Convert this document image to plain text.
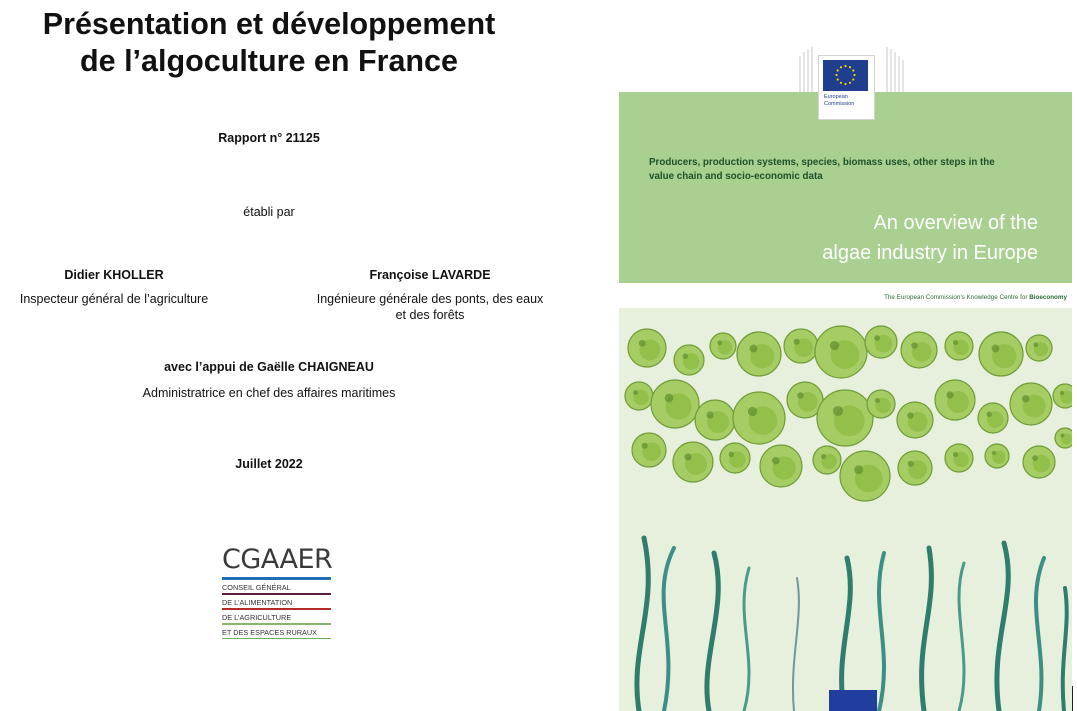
Présentation et développement
de l’algoculture en France
Rapport n° 21125
établi par
Didier KHOLLER
Inspecteur général de l’agriculture
Françoise LAVARDE
Ingénieure générale des ponts, des eaux
et des forêts
avec l’appui de Gaëlle CHAIGNEAU
Administratrice en chef des affaires maritimes
Juillet 2022
CGAAER
CONSEIL GÉNÉRAL
DE L’ALIMENTATION
DE L’AGRICULTURE
ET DES ESPACES RURAUX
European
Commission
Producers, production systems, species, biomass uses, other steps in the
value chain and socio-economic data
An overview of the
algae industry in Europe
The European Commission’s Knowledge Centre for Bioeconomy
